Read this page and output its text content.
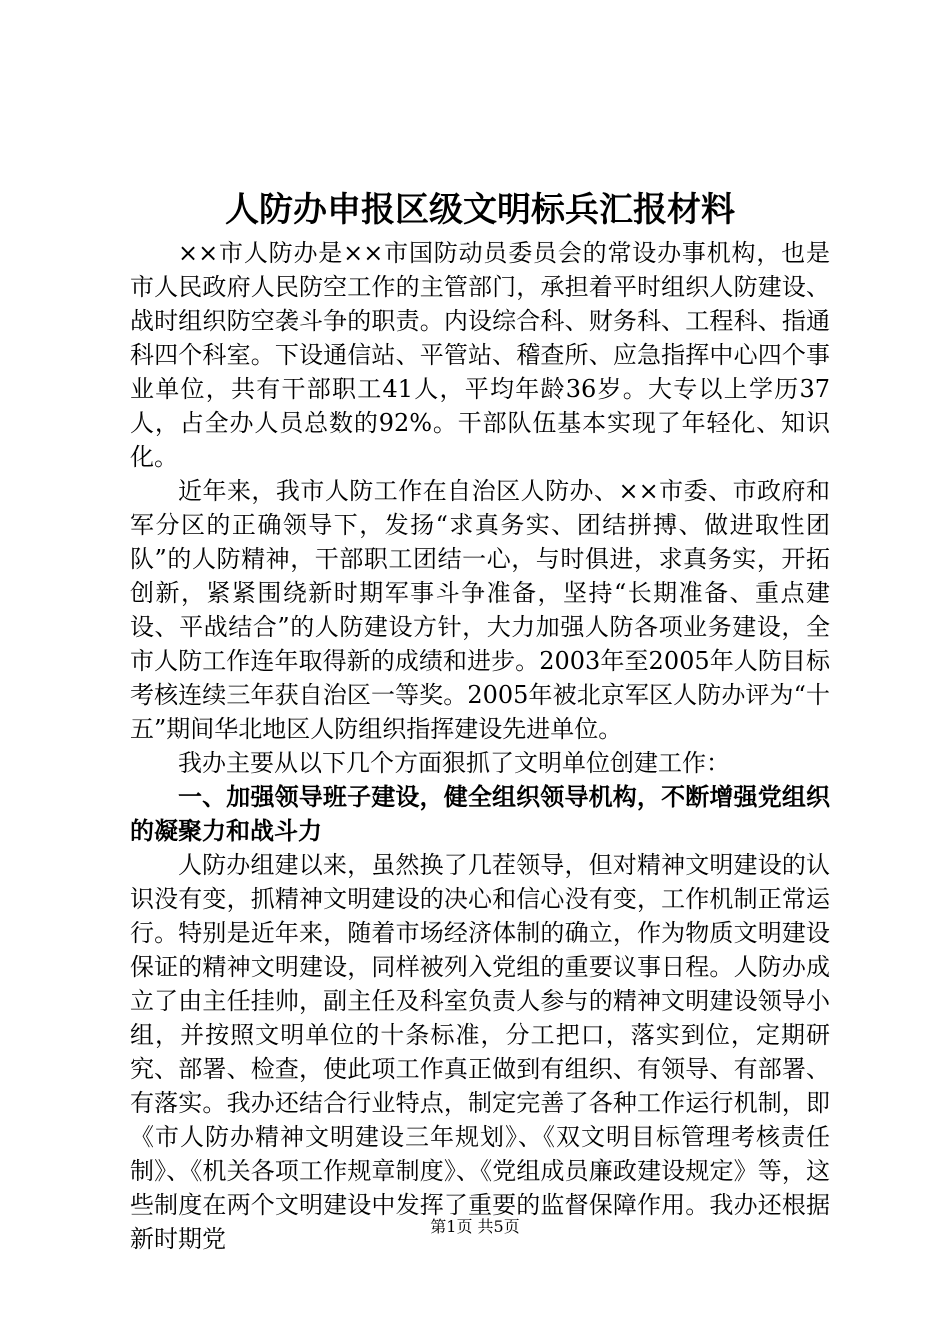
人防办申报区级文明标兵汇报材料

××市人防办是××市国防动员委员会的常设办事机构，也是市人民政府人民防空工作的主管部门，承担着平时组织人防建设、战时组织防空袭斗争的职责。内设综合科、财务科、工程科、指通科四个科室。下设通信站、平管站、稽查所、应急指挥中心四个事业单位，共有干部职工41人，平均年龄36岁。大专以上学历37人，占全办人员总数的92%。干部队伍基本实现了年轻化、知识化。

近年来，我市人防工作在自治区人防办、××市委、市政府和军分区的正确领导下，发扬“求真务实、团结拼搏、做进取性团队”的人防精神，干部职工团结一心，与时俱进，求真务实，开拓创新，紧紧围绕新时期军事斗争准备，坚持“长期准备、重点建设、平战结合”的人防建设方针，大力加强人防各项业务建设，全市人防工作连年取得新的成绩和进步。2003年至2005年人防目标考核连续三年获自治区一等奖。2005年被北京军区人防办评为“十五”期间华北地区人防组织指挥建设先进单位。

我办主要从以下几个方面狠抓了文明单位创建工作：

一、加强领导班子建设，健全组织领导机构，不断增强党组织的凝聚力和战斗力

人防办组建以来，虽然换了几茬领导，但对精神文明建设的认识没有变，抓精神文明建设的决心和信心没有变，工作机制正常运行。特别是近年来，随着市场经济体制的确立，作为物质文明建设保证的精神文明建设，同样被列入党组的重要议事日程。人防办成立了由主任挂帅，副主任及科室负责人参与的精神文明建设领导小组，并按照文明单位的十条标准，分工把口，落实到位，定期研究、部署、检查，使此项工作真正做到有组织、有领导、有部署、有落实。我办还结合行业特点，制定完善了各种工作运行机制，即《市人防办精神文明建设三年规划》、《双文明目标管理考核责任制》、《机关各项工作规章制度》、《党组成员廉政建设规定》等，这些制度在两个文明建设中发挥了重要的监督保障作用。我办还根据新时期党	第1页 共5页
